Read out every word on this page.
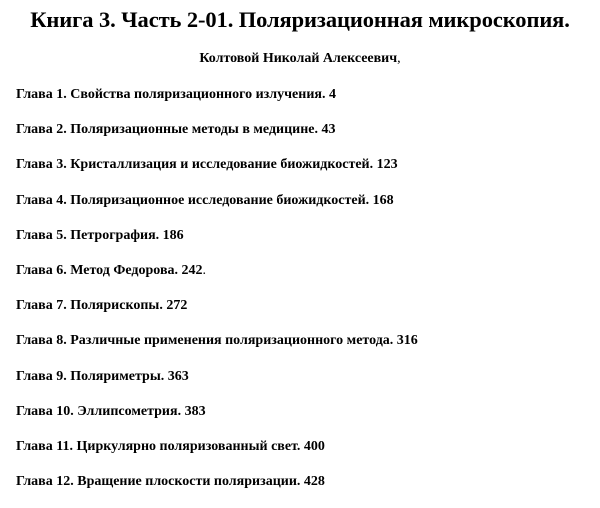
Книга 3. Часть 2-01. Поляризационная микроскопия.
Колтовой Николай Алексеевич,
Глава 1. Свойства поляризационного излучения. 4
Глава 2. Поляризационные методы в медицине. 43
Глава 3. Кристаллизация и исследование биожидкостей. 123
Глава 4. Поляризационное исследование биожидкостей. 168
Глава 5. Петрография. 186
Глава 6. Метод Федорова. 242.
Глава 7. Полярископы. 272
Глава 8. Различные применения поляризационного метода. 316
Глава 9. Поляриметры. 363
Глава 10. Эллипсометрия. 383
Глава 11. Циркулярно поляризованный свет. 400
Глава 12. Вращение плоскости поляризации. 428
